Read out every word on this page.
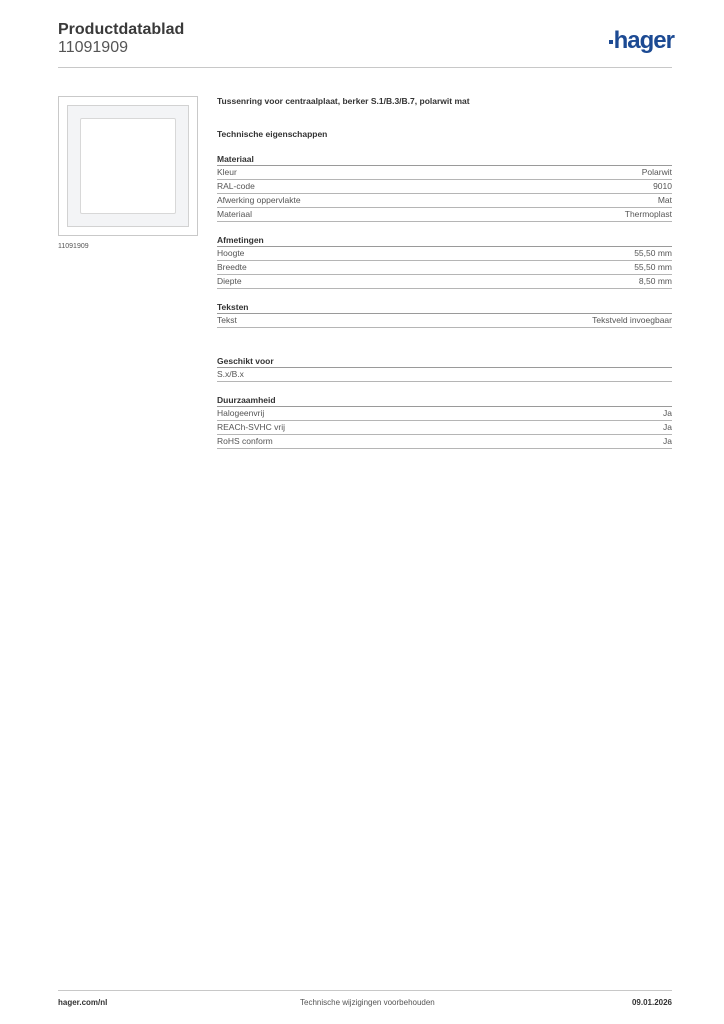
Productdatablad
11091909	hager
11091909
Tussenring voor centraalplaat, berker S.1/B.3/B.7, polarwit mat
Technische eigenschappen
Materiaal
Kleur	Polarwit
RAL-code	9010
Afwerking oppervlakte	Mat
Materiaal	Thermoplast
Afmetingen
Hoogte	55,50 mm
Breedte	55,50 mm
Diepte	8,50 mm
Teksten
Tekst	Tekstveld invoegbaar
Geschikt voor
S.x/B.x
Duurzaamheid
Halogeenvrij	Ja
REACh-SVHC vrij	Ja
RoHS conform	Ja
hager.com/nl	Technische wijzigingen voorbehouden	09.01.2026
